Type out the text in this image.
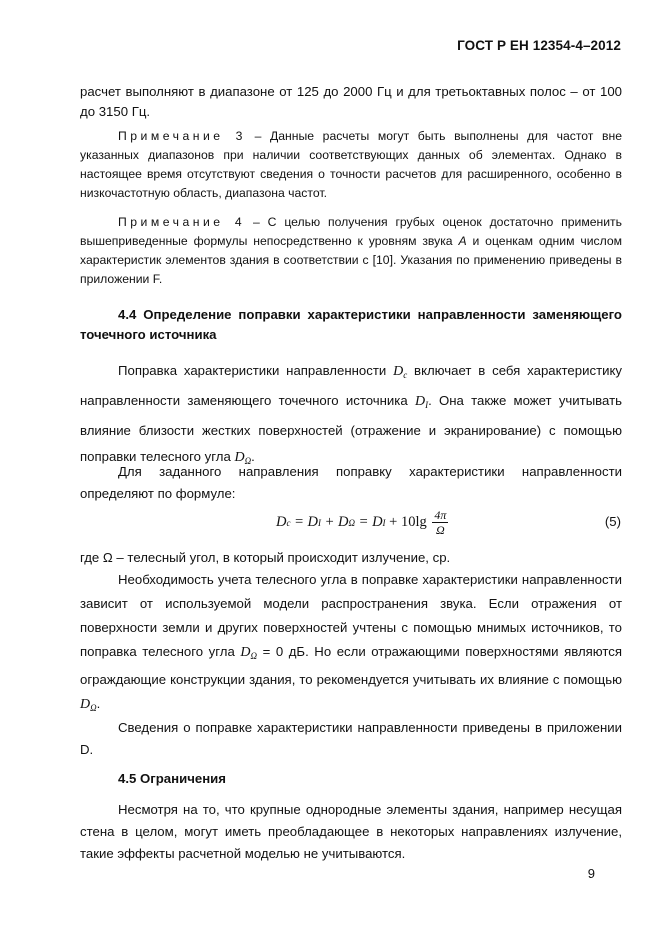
ГОСТ Р ЕН 12354-4–2012
расчет выполняют в диапазоне от 125 до 2000 Гц и для третьоктавных полос – от 100 до 3150 Гц.
Примечание 3 – Данные расчеты могут быть выполнены для частот вне указанных диапазонов при наличии соответствующих данных об элементах. Однако в настоящее время отсутствуют сведения о точности расчетов для расширенного, особенно в низкочастотную область, диапазона частот.
Примечание 4 – С целью получения грубых оценок достаточно применить вышеприведенные формулы непосредственно к уровням звука А и оценкам одним числом характеристик элементов здания в соответствии с [10]. Указания по применению приведены в приложении F.
4.4 Определение поправки характеристики направленности заменяющего точечного источника
Поправка характеристики направленности $D_c$ включает в себя характеристику направленности заменяющего точечного источника $D_I$. Она также может учитывать влияние близости жестких поверхностей (отражение и экранирование) с помощью поправки телесного угла $D_\Omega$.
Для заданного направления поправку характеристики направленности определяют по формуле:
D c = D I + D Ω = D $I + 10\lg \frac{4\pi}{\Omega}$	(5)
где Ω – телесный угол, в который происходит излучение, ср.
Необходимость учета телесного угла в поправке характеристики направленности зависит от используемой модели распространения звука. Если отражения от поверхности земли и других поверхностей учтены с помощью мнимых источников, то поправка телесного угла $D_\Omega = 0$ дБ. Но если отражающими поверхностями являются ограждающие конструкции здания, то рекомендуется учитывать их влияние с помощью $D_\Omega$.
Сведения о поправке характеристики направленности приведены в приложении D.
4.5 Ограничения
Несмотря на то, что крупные однородные элементы здания, например несущая стена в целом, могут иметь преобладающее в некоторых направлениях излучение, такие эффекты расчетной моделью не учитываются.
9
